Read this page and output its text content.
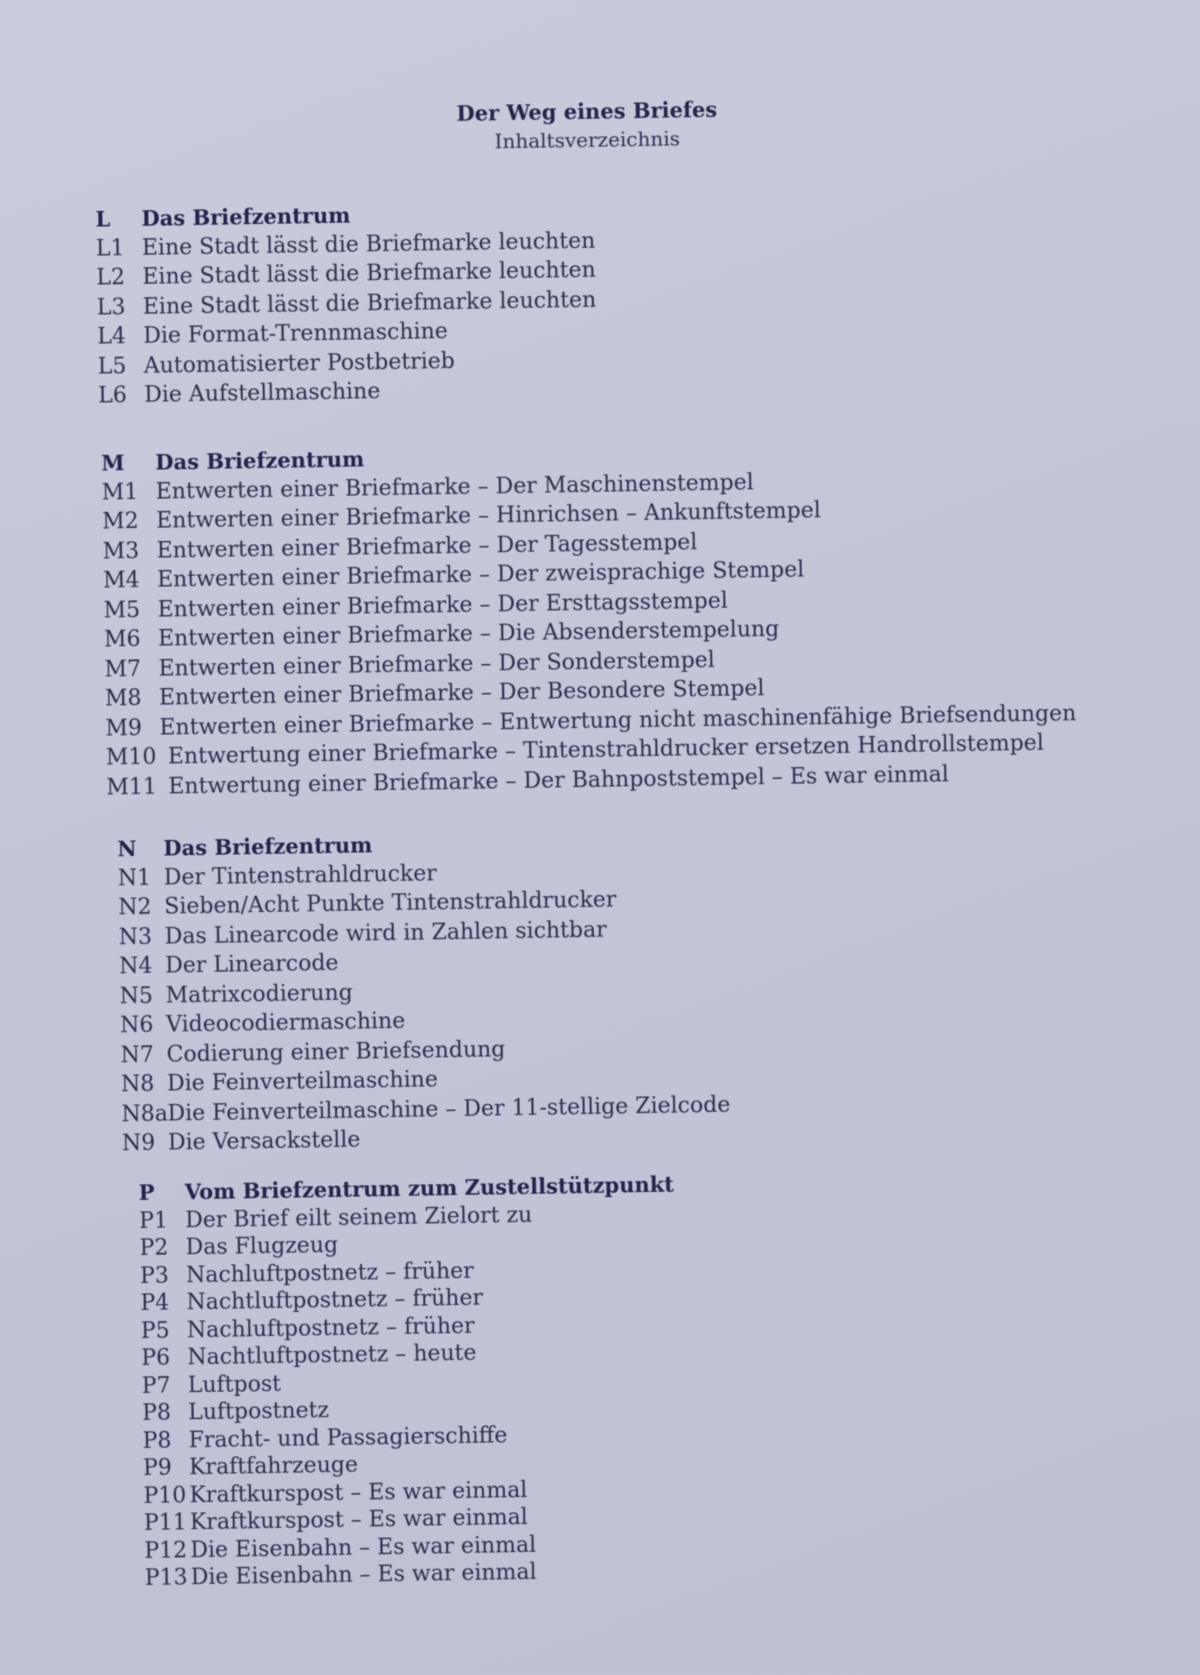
Der Weg eines Briefes
Inhaltsverzeichnis
L	Das Briefzentrum
L1 Eine Stadt lässt die Briefmarke leuchten
L2 Eine Stadt lässt die Briefmarke leuchten
L3 Eine Stadt lässt die Briefmarke leuchten
L4 Die Format-Trennmaschine
L5 Automatisierter Postbetrieb
L6 Die Aufstellmaschine
M	Das Briefzentrum
M1 Entwerten einer Briefmarke – Der Maschinenstempel
M2 Entwerten einer Briefmarke – Hinrichsen – Ankunftstempel
M3 Entwerten einer Briefmarke – Der Tagesstempel
M4 Entwerten einer Briefmarke – Der zweisprachige Stempel
M5 Entwerten einer Briefmarke – Der Ersttagsstempel
M6 Entwerten einer Briefmarke – Die Absenderstempelung
M7 Entwerten einer Briefmarke – Der Sonderstempel
M8 Entwerten einer Briefmarke – Der Besondere Stempel
M9 Entwerten einer Briefmarke – Entwertung nicht maschinenfähige Briefsendungen
M10 Entwertung einer Briefmarke – Tintenstrahldrucker ersetzen Handrollstempel
M11 Entwertung einer Briefmarke – Der Bahnpoststempel – Es war einmal
N	Das Briefzentrum
N1 Der Tintenstrahldrucker
N2 Sieben/Acht Punkte Tintenstrahldrucker
N3 Das Linearcode wird in Zahlen sichtbar
N4 Der Linearcode
N5 Matrixcodierung
N6 Videocodiermaschine
N7 Codierung einer Briefsendung
N8 Die Feinverteilmaschine
N8a Die Feinverteilmaschine – Der 11-stellige Zielcode
N9 Die Versackstelle
P	Vom Briefzentrum zum Zustellstützpunkt
P1 Der Brief eilt seinem Zielort zu
P2 Das Flugzeug
P3 Nachluftpostnetz – früher
P4 Nachtluftpostnetz – früher
P5 Nachluftpostnetz – früher
P6 Nachtluftpostnetz – heute
P7 Luftpost
P8 Luftpostnetz
P8 Fracht- und Passagierschiffe
P9 Kraftfahrzeuge
P10 Kraftkurspost – Es war einmal
P11 Kraftkurspost – Es war einmal
P12 Die Eisenbahn – Es war einmal
P13 Die Eisenbahn – Es war einmal
